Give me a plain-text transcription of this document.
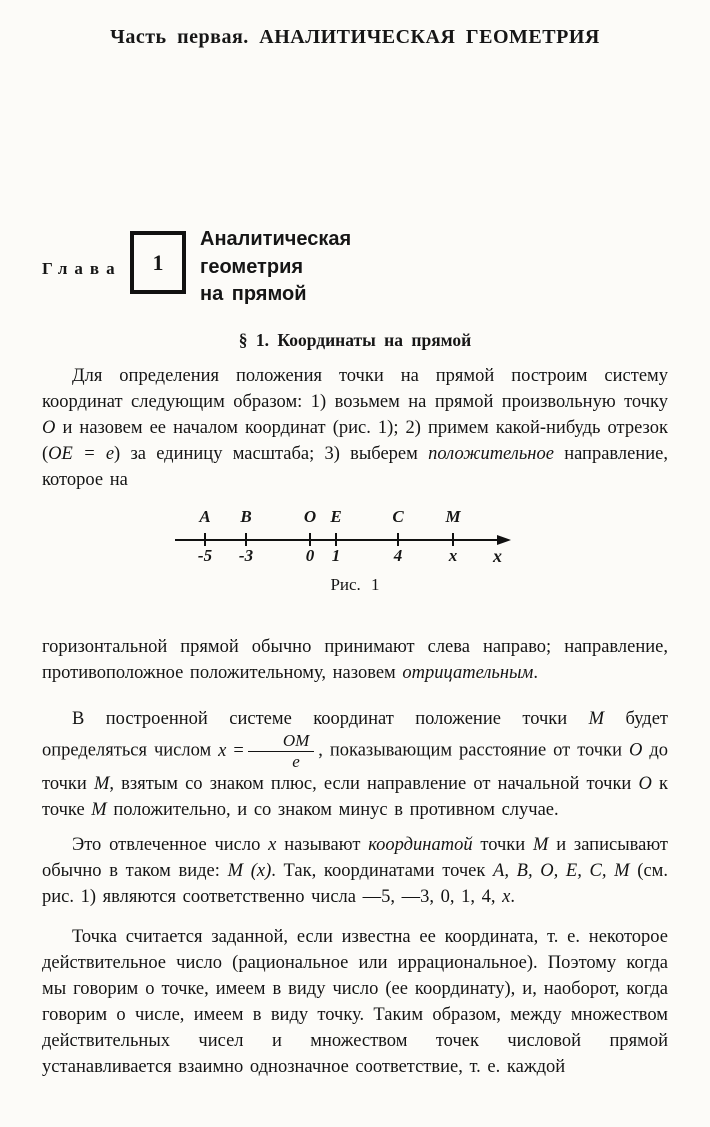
Часть первая. АНАЛИТИЧЕСКАЯ ГЕОМЕТРИЯ
Глава 1
Аналитическая
геометрия
на прямой
§ 1. Координаты на прямой

Для определения положения точки на прямой построим систему координат следующим образом: 1) возьмем на прямой произвольную точку O и назовем ее началом координат (рис. 1); 2) примем какой-нибудь отрезок (OE = e) за единицу масштаба; 3) выберем положительное направление, которое на

A
-5
B
-3
O
0
E
1
C
4
M
x x
Рис. 1

горизонтальной прямой обычно принимают слева направо; направление, противоположное положительному, назовем отрицательным.

В построенной системе координат положение точки M будет определяться числом $x = \frac{OM}{e}$ , показывающим расстояние от точки O до точки M, взятым со знаком плюс, если направление от начальной точки O к точке M положительно, и со знаком минус в противном случае.

Это отвлеченное число x называют координатой точки M и записывают обычно в таком виде: M (x). Так, координатами точек A, B, O, E, C, M (см. рис. 1) являются соответственно числа —5, —3, 0, 1, 4, x.

Точка считается заданной, если известна ее координата, т. е. некоторое действительное число (рациональное или иррациональное). Поэтому когда мы говорим о точке, имеем в виду число (ее координату), и, наоборот, когда говорим о числе, имеем в виду точку. Таким образом, между множеством действительных чисел и множеством точек числовой прямой устанавливается взаимно однозначное соответствие, т. е. каждой
